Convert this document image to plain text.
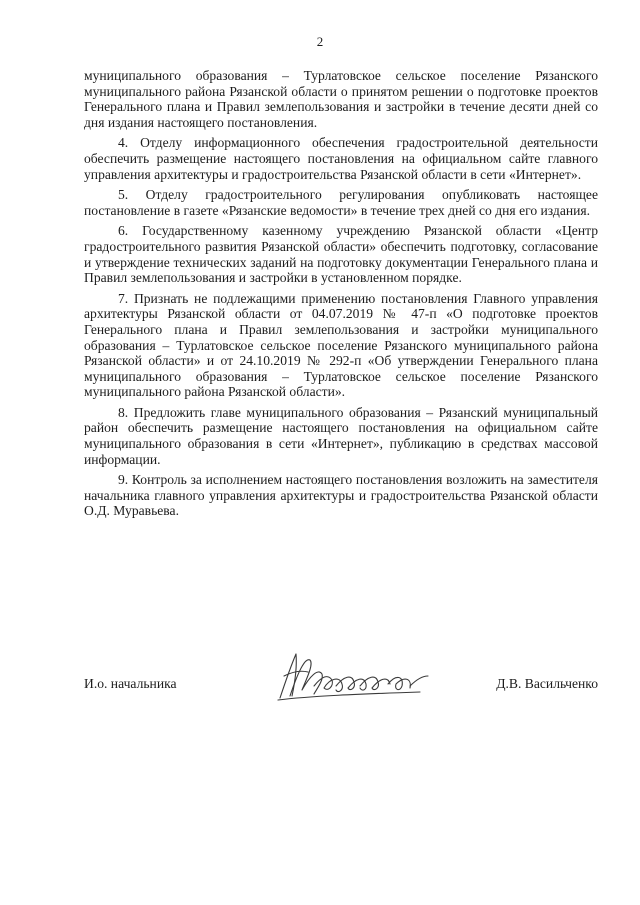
2

муниципального образования – Турлатовское сельское поселение Рязанского муниципального района Рязанской области о принятом решении о подготовке проектов Генерального плана и Правил землепользования и застройки в течение десяти дней со дня издания настоящего постановления.

4. Отделу информационного обеспечения градостроительной деятельности обеспечить размещение настоящего постановления на официальном сайте главного управления архитектуры и градостроительства Рязанской области в сети «Интернет».

5. Отделу градостроительного регулирования опубликовать настоящее постановление в газете «Рязанские ведомости» в течение трех дней со дня его издания.

6. Государственному казенному учреждению Рязанской области «Центр градостроительного развития Рязанской области» обеспечить подготовку, согласование и утверждение технических заданий на подготовку документации Генерального плана и Правил землепользования и застройки в установленном порядке.

7. Признать не подлежащими применению постановления Главного управления архитектуры Рязанской области от 04.07.2019 № 47-п «О подготовке проектов Генерального плана и Правил землепользования и застройки муниципального образования – Турлатовское сельское поселение Рязанского муниципального района Рязанской области» и от 24.10.2019 № 292-п «Об утверждении Генерального плана муниципального образования – Турлатовское сельское поселение Рязанского муниципального района Рязанской области».

8. Предложить главе муниципального образования – Рязанский муниципальный район обеспечить размещение настоящего постановления на официальном сайте муниципального образования в сети «Интернет», публикацию в средствах массовой информации.

9. Контроль за исполнением настоящего постановления возложить на заместителя начальника главного управления архитектуры и градостроительства Рязанской области О.Д. Муравьева.

И.о. начальника	Д.В. Васильченко
